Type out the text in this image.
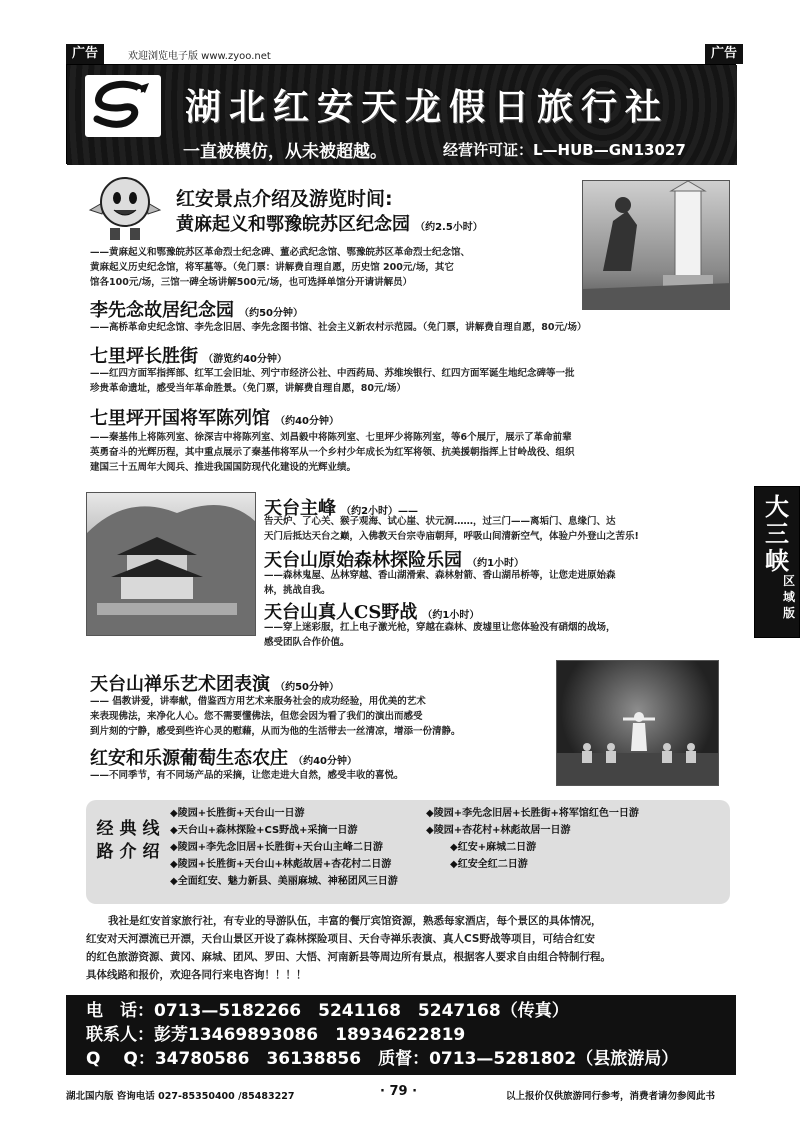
广告	欢迎浏览电子版 www.zyoo.net	广告
湖北红安天龙假日旅行社
一直被模仿，从未被超越。	经营许可证：L—HUB—GN13027
红安景点介绍及游览时间:
黄麻起义和鄂豫皖苏区纪念园 （约2.5小时）
——黄麻起义和鄂豫皖苏区革命烈士纪念碑、董必武纪念馆、鄂豫皖苏区革命烈士纪念馆、
黄麻起义历史纪念馆，将军墓等。（免门票：讲解费自理自愿，历史馆 200元/场，其它
馆各100元/场，三馆一碑全场讲解500元/场，也可选择单馆分开请讲解员）
李先念故居纪念园 （约50分钟）
——高桥革命史纪念馆、李先念旧居、李先念图书馆、社会主义新农村示范园。（免门票，讲解费自理自愿，80元/场）
七里坪长胜街 （游览约40分钟）
——红四方面军指挥部、红军工会旧址、列宁市经济公社、中西药局、苏维埃银行、红四方面军诞生地纪念碑等一批
珍贵革命遗址，感受当年革命胜景。（免门票，讲解费自理自愿，80元/场）
七里坪开国将军陈列馆 （约40分钟）
——秦基伟上将陈列室、徐深吉中将陈列室、刘昌毅中将陈列室、七里坪少将陈列室，等6个展厅，展示了革命前辈
英勇奋斗的光辉历程，其中重点展示了秦基伟将军从一个乡村少年成长为红军将领、抗美援朝指挥上甘岭战役、组织
建国三十五周年大阅兵、推进我国国防现代化建设的光辉业绩。
天台主峰 （约2小时）——
告天炉、了心关、猴子观海、试心崖、状元洞……，过三门——离垢门、息缘门、达
天门后抵达天台之巅，入佛教天台宗寺庙朝拜，呼吸山间清新空气，体验户外登山之苦乐!
天台山原始森林探险乐园 （约1小时）
——森林鬼屋、丛林穿越、香山湖滑索、森林射箭、香山湖吊桥等，让您走进原始森
林，挑战自我。
天台山真人CS野战 （约1小时）
——穿上迷彩服，扛上电子激光枪，穿越在森林、废墟里让您体验没有硝烟的战场，
感受团队合作价值。
大三峡
区域版
天台山禅乐艺术团表演 （约50分钟）
—— 倡教讲爱，讲奉献，借鉴西方用艺术来服务社会的成功经验，用优美的艺术
来表现佛法，来净化人心。您不需要懂佛法，但您会因为看了我们的演出而感受
到片刻的宁静，感受到些许心灵的慰藉，从而为他的生活带去一丝清凉，增添一份清静。
红安和乐源葡萄生态农庄 （约40分钟）
——不同季节，有不同场产品的采摘，让您走进大自然，感受丰收的喜悦。
经典线路介绍
◆陵园+长胜街+天台山一日游	◆陵园+李先念旧居+长胜街+将军馆红色一日游
◆天台山+森林探险+CS野战+采摘一日游	◆陵园+杏花村+林彪故居一日游
◆陵园+李先念旧居+长胜街+天台山主峰二日游	◆红安+麻城二日游
◆陵园+长胜街+天台山+林彪故居+杏花村二日游	◆红安全红二日游
◆全面红安、魅力新县、美丽麻城、神秘团风三日游
我社是红安首家旅行社，有专业的导游队伍，丰富的餐厅宾馆资源，熟悉每家酒店，每个景区的具体情况，
红安对天河漂流已开漂，天台山景区开设了森林探险项目、天台寺禅乐表演、真人CS野战等项目，可结合红安
的红色旅游资源、黄冈、麻城、团风、罗田、大悟、河南新县等周边所有景点，根据客人要求自由组合特制行程。
具体线路和报价，欢迎各同行来电咨询！！！！
电　话：0713—5182266　5241168　5247168（传真）
联系人：彭芳13469893086　18934622819
Q　 Q：34780586　36138856　质督：0713—5281802（县旅游局）
湖北国内版 咨询电话 027-85350400 /85483227	· 79 ·	以上报价仅供旅游同行参考，消费者请勿参阅此书
